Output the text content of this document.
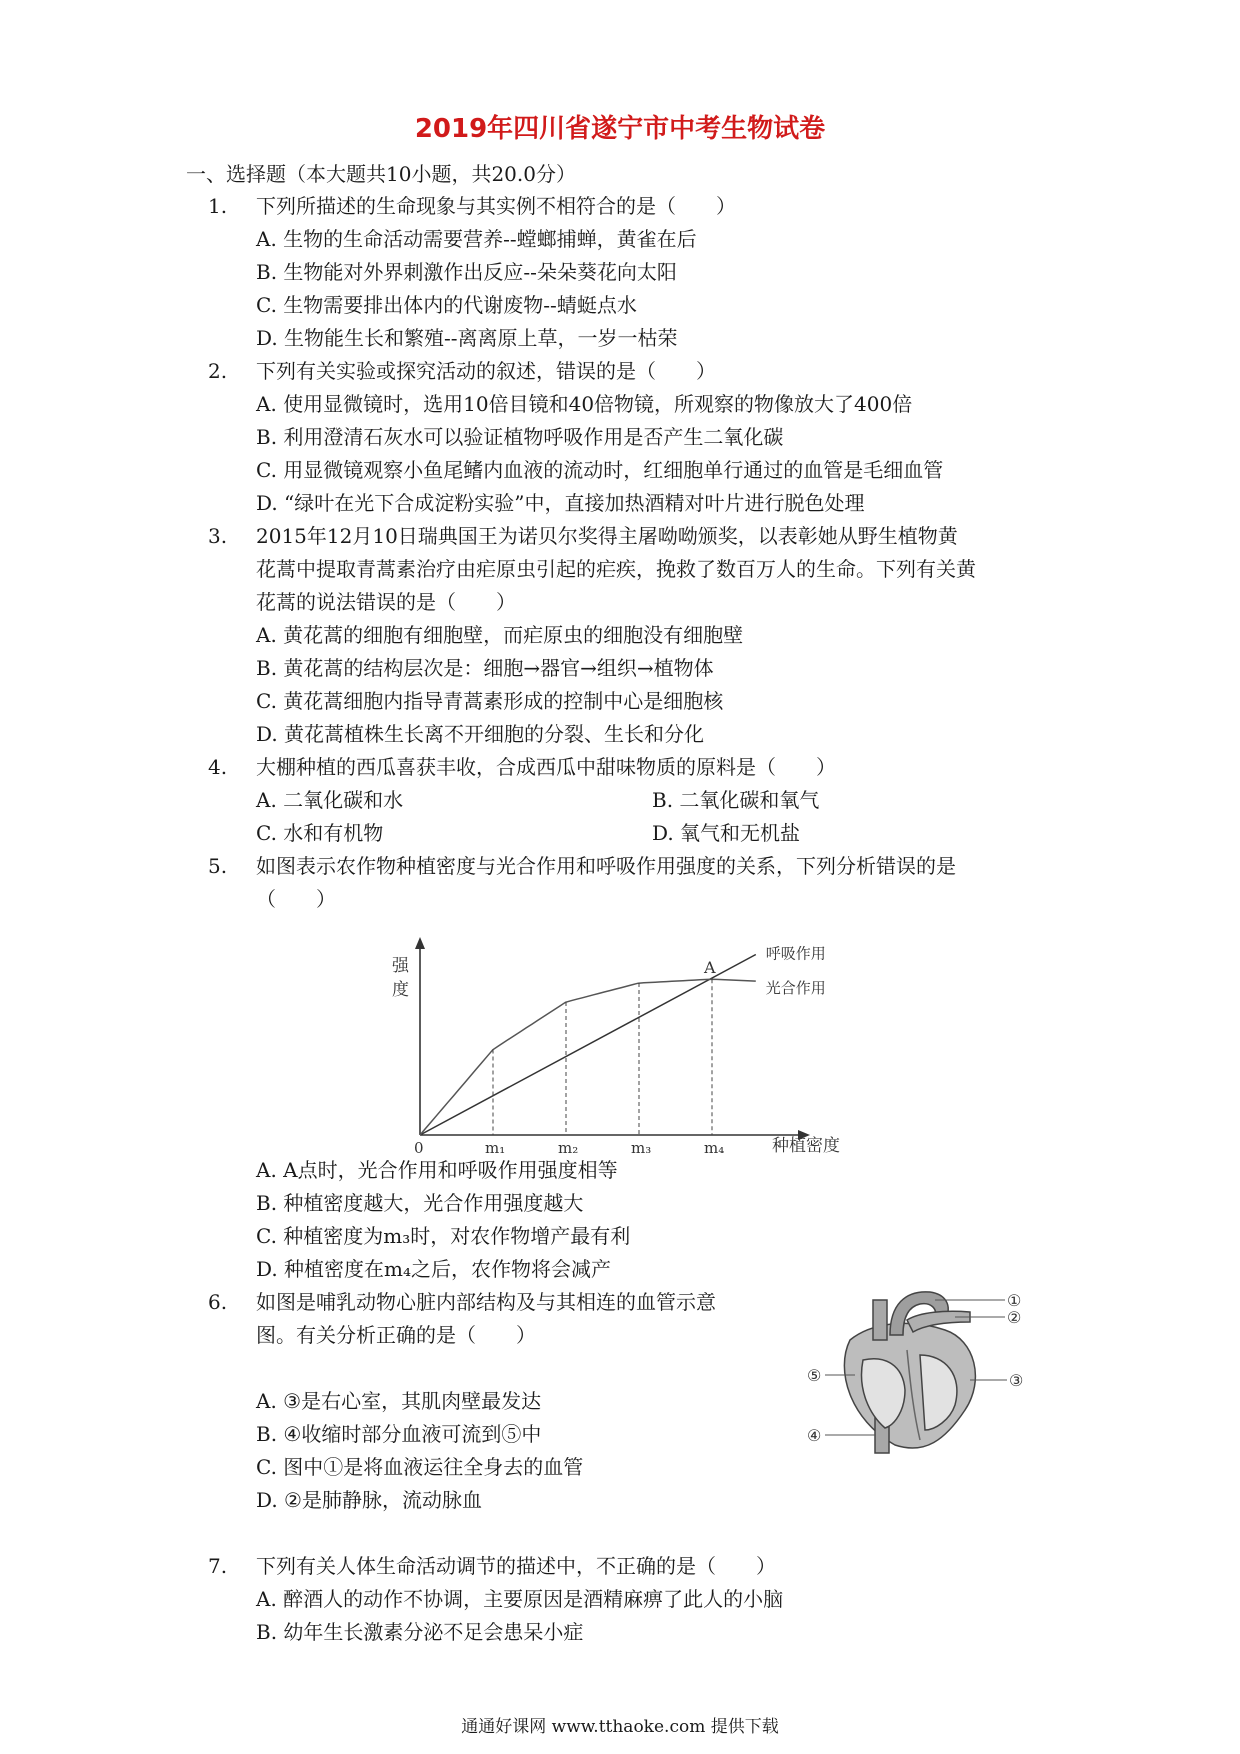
2019年四川省遂宁市中考生物试卷
一、选择题（本大题共10小题，共20.0分）
1. 下列所描述的生命现象与其实例不相符合的是（　　）
A. 生物的生命活动需要营养--螳螂捕蝉，黄雀在后
B. 生物能对外界刺激作出反应--朵朵葵花向太阳
C. 生物需要排出体内的代谢废物--蜻蜓点水
D. 生物能生长和繁殖--离离原上草，一岁一枯荣
2. 下列有关实验或探究活动的叙述，错误的是（　　）
A. 使用显微镜时，选用10倍目镜和40倍物镜，所观察的物像放大了400倍
B. 利用澄清石灰水可以验证植物呼吸作用是否产生二氧化碳
C. 用显微镜观察小鱼尾鳍内血液的流动时，红细胞单行通过的血管是毛细血管
D. “绿叶在光下合成淀粉实验”中，直接加热酒精对叶片进行脱色处理
3. 2015年12月10日瑞典国王为诺贝尔奖得主屠呦呦颁奖，以表彰她从野生植物黄
花蒿中提取青蒿素治疗由疟原虫引起的疟疾，挽救了数百万人的生命。下列有关黄
花蒿的说法错误的是（　　）
A. 黄花蒿的细胞有细胞壁，而疟原虫的细胞没有细胞壁
B. 黄花蒿的结构层次是：细胞→器官→组织→植物体
C. 黄花蒿细胞内指导青蒿素形成的控制中心是细胞核
D. 黄花蒿植株生长离不开细胞的分裂、生长和分化
4. 大棚种植的西瓜喜获丰收，合成西瓜中甜味物质的原料是（　　）
A. 二氧化碳和水	B. 二氧化碳和氧气
C. 水和有机物	D. 氧气和无机盐
5. 如图表示农作物种植密度与光合作用和呼吸作用强度的关系，下列分析错误的是
（　　）
强
度
种植密度
0	m₁	m₂	m₃	m₄
A
呼吸作用
光合作用
A. A点时，光合作用和呼吸作用强度相等
B. 种植密度越大，光合作用强度越大
C. 种植密度为m₃时，对农作物增产最有利
D. 种植密度在m₄之后，农作物将会减产
6. 如图是哺乳动物心脏内部结构及与其相连的血管示意
图。有关分析正确的是（　　）
A. ③是右心室，其肌肉壁最发达
B. ④收缩时部分血液可流到⑤中
C. 图中①是将血液运往全身去的血管
D. ②是肺静脉，流动脉血
①
②
③
④
⑤
7. 下列有关人体生命活动调节的描述中，不正确的是（　　）
A. 醉酒人的动作不协调，主要原因是酒精麻痹了此人的小脑
B. 幼年生长激素分泌不足会患呆小症
通通好课网 www.tthaoke.com 提供下载
